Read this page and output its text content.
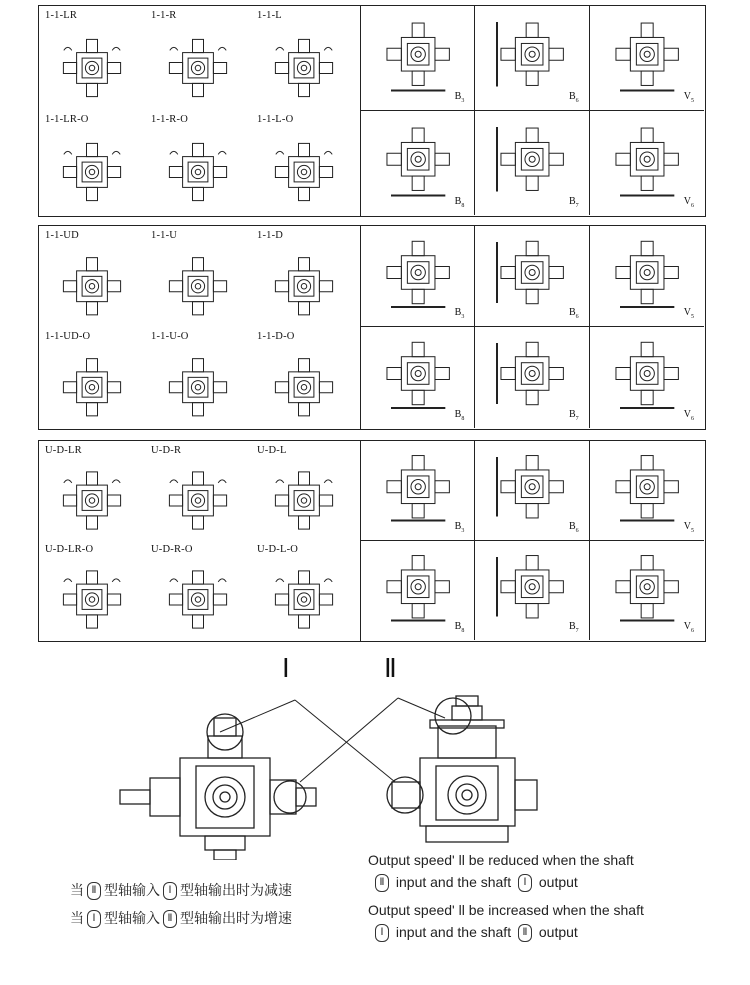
1-1-LR	1-1-R	1-1-L
1-1-LR-O	1-1-R-O	1-1-L-O
$B_3$	$B_6$	$V_5$
$B_8$	$B_7$	$V_6$
1-1-UD	1-1-U	1-1-D
1-1-UD-O	1-1-U-O	1-1-D-O
$B_3$	$B_6$	$V_5$
$B_8$	$B_7$	$V_6$
U-D-LR	U-D-R	U-D-L
U-D-LR-O	U-D-R-O	U-D-L-O
$B_3$	$B_6$	$V_5$
$B_8$	$B_7$	$V_6$
Ⅰ	Ⅱ
当 Ⅱ 型轴输入 Ⅰ 型轴输出时为减速
当 Ⅰ 型轴输入 Ⅱ 型轴输出时为增速
Output speed' ll be reduced when the shaft
Ⅱ input and the shaft Ⅰ output
Output speed' ll be increased when the shaft
Ⅰ input and the shaft Ⅱ output
